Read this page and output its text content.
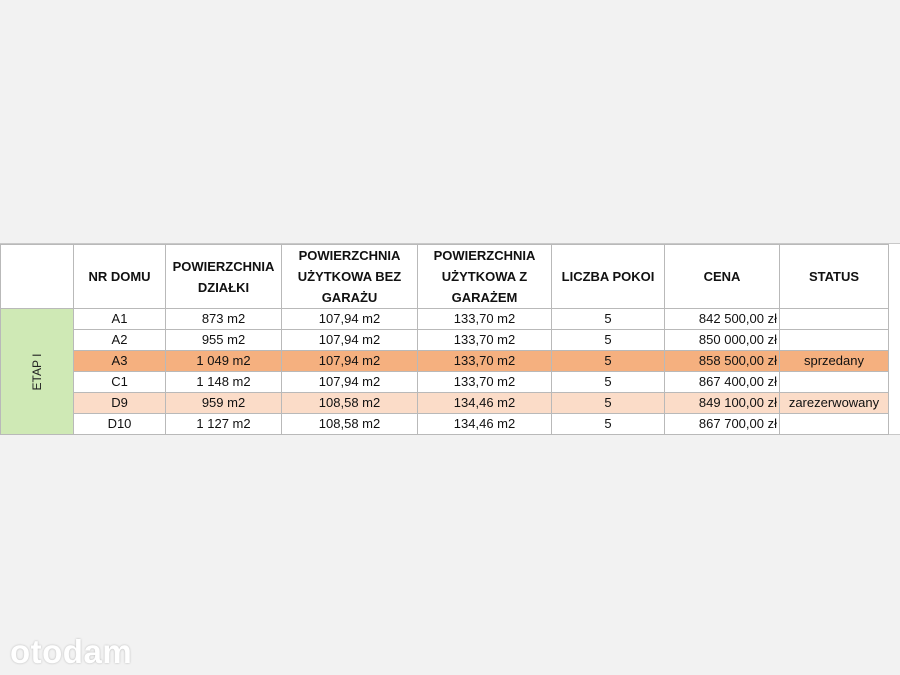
	NR DOMU	POWIERZCHNIA DZIAŁKI	POWIERZCHNIA UŻYTKOWA BEZ GARAŻU	POWIERZCHNIA UŻYTKOWA Z GARAŻEM	LICZBA POKOI	CENA	STATUS

ETAP I	A1	873 m2	107,94 m2	133,70 m2	5	842 500,00 zł	
	A2	955 m2	107,94 m2	133,70 m2	5	850 000,00 zł	
	A3	1 049 m2	107,94 m2	133,70 m2	5	858 500,00 zł	sprzedany
	C1	1 148 m2	107,94 m2	133,70 m2	5	867 400,00 zł	
	D9	959 m2	108,58 m2	134,46 m2	5	849 100,00 zł	zarezerwowany
	D10	1 127 m2	108,58 m2	134,46 m2	5	867 700,00 zł	
otodam
